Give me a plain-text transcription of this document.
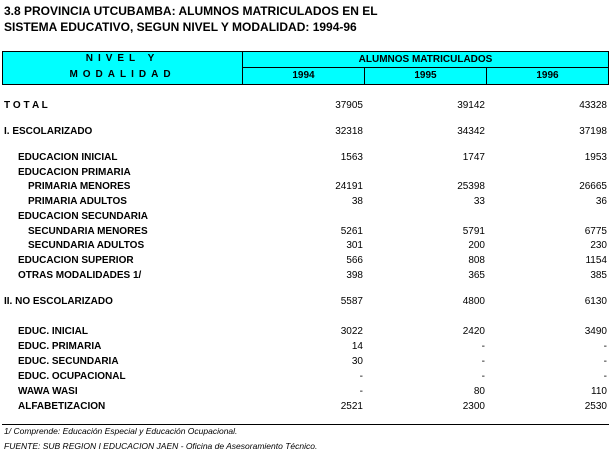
3.8 PROVINCIA UTCUBAMBA: ALUMNOS MATRICULADOS EN EL
SISTEMA EDUCATIVO, SEGUN NIVEL Y MODALIDAD: 1994-96
NIVEL Y
MODALIDAD
ALUMNOS MATRICULADOS
1994	1995	1996
T O T A L	37905	39142	43328
I. ESCOLARIZADO	32318	34342	37198
EDUCACION INICIAL	1563	1747	1953
EDUCACION PRIMARIA
PRIMARIA MENORES	24191	25398	26665
PRIMARIA ADULTOS	38	33	36
EDUCACION SECUNDARIA
SECUNDARIA MENORES	5261	5791	6775
SECUNDARIA ADULTOS	301	200	230
EDUCACION SUPERIOR	566	808	1154
OTRAS MODALIDADES 1/	398	365	385
II. NO ESCOLARIZADO	5587	4800	6130
EDUC. INICIAL	3022	2420	3490
EDUC. PRIMARIA	14	-	-
EDUC. SECUNDARIA	30	-	-
EDUC. OCUPACIONAL	-	-	-
WAWA WASI	-	80	110
ALFABETIZACION	2521	2300	2530
1/ Comprende: Educación Especial y Educación Ocupacional.
FUENTE: SUB REGION I EDUCACION JAEN - Oficina de Asesoramiento Técnico.
